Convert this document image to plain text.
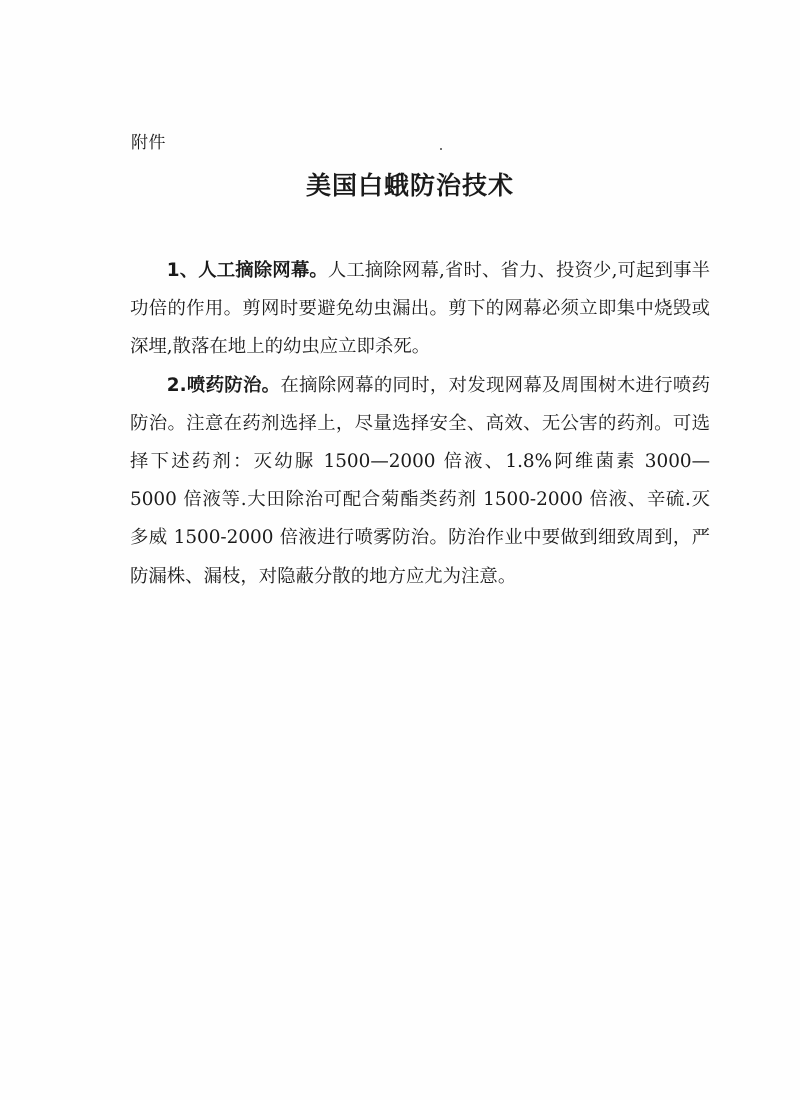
附件
美国白蛾防治技术

1、人工摘除网幕。人工摘除网幕,省时、省力、投资少,可起到事半功倍的作用。剪网时要避免幼虫漏出。剪下的网幕必须立即集中烧毁或深埋,散落在地上的幼虫应立即杀死。

2.喷药防治。在摘除网幕的同时，对发现网幕及周围树木进行喷药防治。注意在药剂选择上，尽量选择安全、高效、无公害的药剂。可选择下述药剂：灭幼脲 1500—2000 倍液、1.8%阿维菌素 3000—5000 倍液等.大田除治可配合菊酯类药剂 1500-2000 倍液、辛硫.灭多威 1500-2000 倍液进行喷雾防治。防治作业中要做到细致周到，严防漏株、漏枝，对隐蔽分散的地方应尤为注意。
